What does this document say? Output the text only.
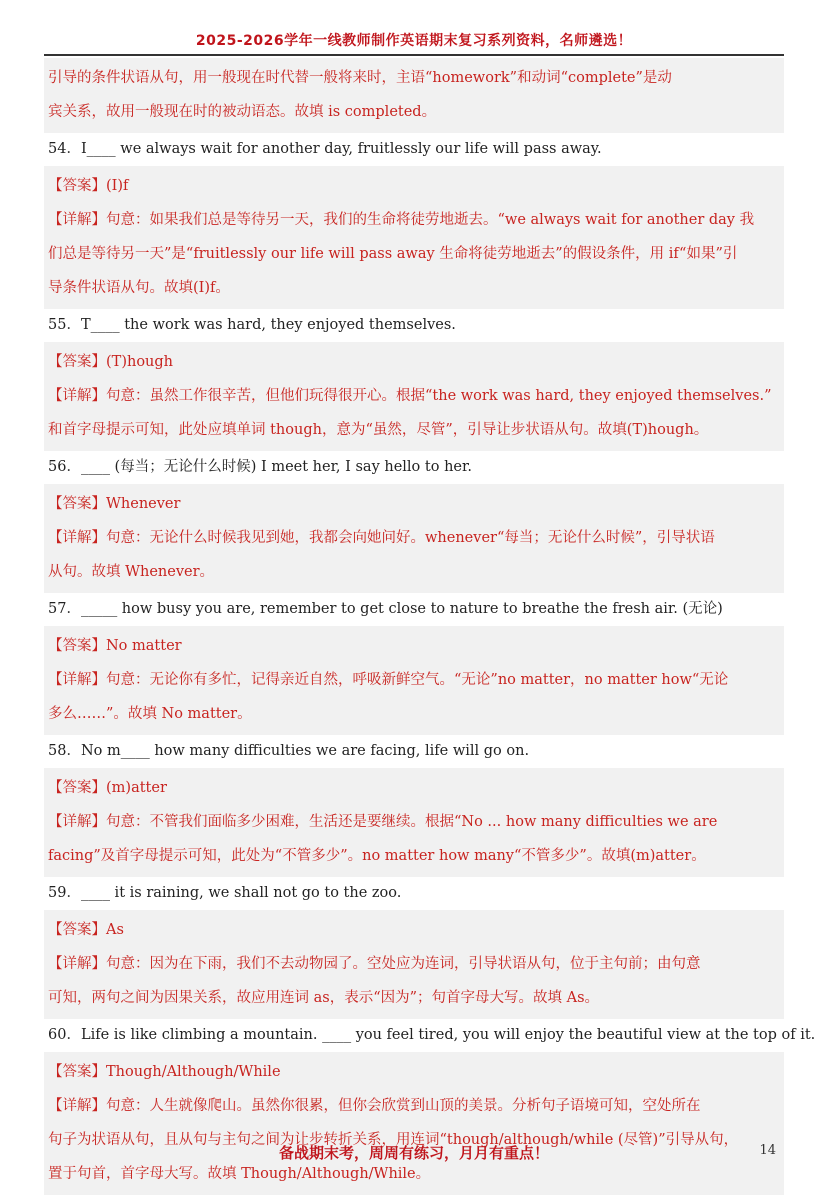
2025-2026学年一线教师制作英语期末复习系列资料，名师遴选！
引导的条件状语从句，用一般现在时代替一般将来时，主语“homework”和动词“complete”是动
宾关系，故用一般现在时的被动语态。故填 is completed。
54．I____ we always wait for another day, fruitlessly our life will pass away.
【答案】(I)f
【详解】句意：如果我们总是等待另一天，我们的生命将徒劳地逝去。“we always wait for another day 我
们总是等待另一天”是“fruitlessly our life will pass away 生命将徒劳地逝去”的假设条件，用 if“如果”引
导条件状语从句。故填(I)f。
55．T____ the work was hard, they enjoyed themselves.
【答案】(T)hough
【详解】句意：虽然工作很辛苦，但他们玩得很开心。根据“the work was hard, they enjoyed themselves.”
和首字母提示可知，此处应填单词 though，意为“虽然，尽管”，引导让步状语从句。故填(T)hough。
56．____ (每当；无论什么时候) I meet her, I say hello to her.
【答案】Whenever
【详解】句意：无论什么时候我见到她，我都会向她问好。whenever“每当；无论什么时候”，引导状语
从句。故填 Whenever。
57．_____ how busy you are, remember to get close to nature to breathe the fresh air. (无论)
【答案】No matter
【详解】句意：无论你有多忙，记得亲近自然，呼吸新鲜空气。“无论”no matter，no matter how“无论
多么……”。故填 No matter。
58．No m____ how many difficulties we are facing, life will go on.
【答案】(m)atter
【详解】句意：不管我们面临多少困难，生活还是要继续。根据“No ... how many difficulties we are
facing”及首字母提示可知，此处为“不管多少”。no matter how many“不管多少”。故填(m)atter。
59．____ it is raining, we shall not go to the zoo.
【答案】As
【详解】句意：因为在下雨，我们不去动物园了。空处应为连词，引导状语从句，位于主句前；由句意
可知，两句之间为因果关系，故应用连词 as，表示“因为”；句首字母大写。故填 As。
60．Life is like climbing a mountain. ____ you feel tired, you will enjoy the beautiful view at the top of it.
【答案】Though/Although/While
【详解】句意：人生就像爬山。虽然你很累，但你会欣赏到山顶的美景。分析句子语境可知，空处所在
句子为状语从句，且从句与主句之间为让步转折关系，用连词“though/although/while (尽管)”引导从句，
置于句首，首字母大写。故填 Though/Although/While。
备战期末考，周周有练习，月月有重点！	14
